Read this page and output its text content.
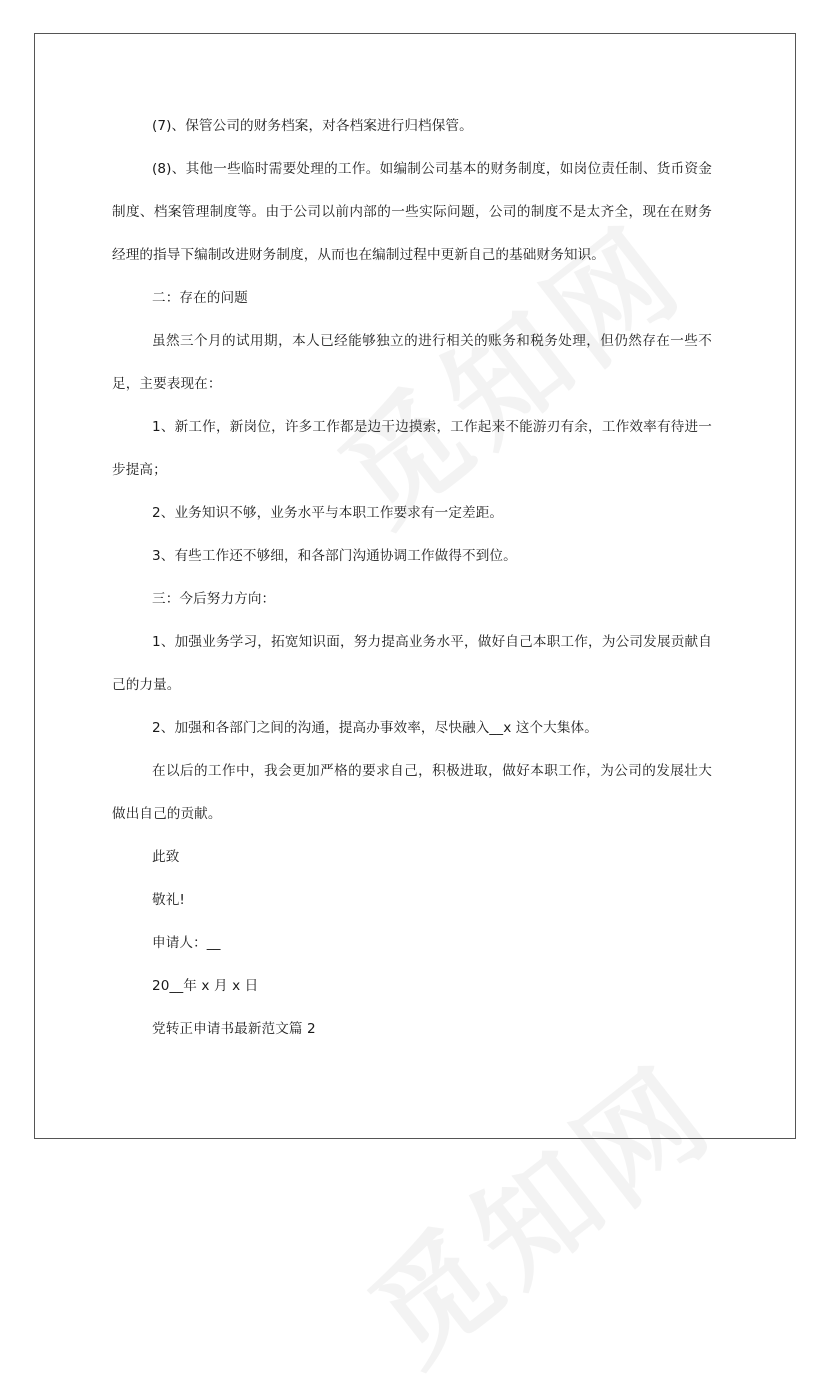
(7)、保管公司的财务档案，对各档案进行归档保管。

(8)、其他一些临时需要处理的工作。如编制公司基本的财务制度，如岗位责任制、货币资金制度、档案管理制度等。由于公司以前内部的一些实际问题，公司的制度不是太齐全，现在在财务经理的指导下编制改进财务制度，从而也在编制过程中更新自己的基础财务知识。

二：存在的问题

虽然三个月的试用期，本人已经能够独立的进行相关的账务和税务处理，但仍然存在一些不足，主要表现在：

1、新工作，新岗位，许多工作都是边干边摸索，工作起来不能游刃有余，工作效率有待进一步提高；

2、业务知识不够，业务水平与本职工作要求有一定差距。

3、有些工作还不够细，和各部门沟通协调工作做得不到位。

三：今后努力方向：

1、加强业务学习，拓宽知识面，努力提高业务水平，做好自己本职工作，为公司发展贡献自己的力量。

2、加强和各部门之间的沟通，提高办事效率，尽快融入__x 这个大集体。

在以后的工作中，我会更加严格的要求自己，积极进取，做好本职工作，为公司的发展壮大做出自己的贡献。

此致

敬礼!

申请人：__

20__年 x 月 x 日

党转正申请书最新范文篇 2
